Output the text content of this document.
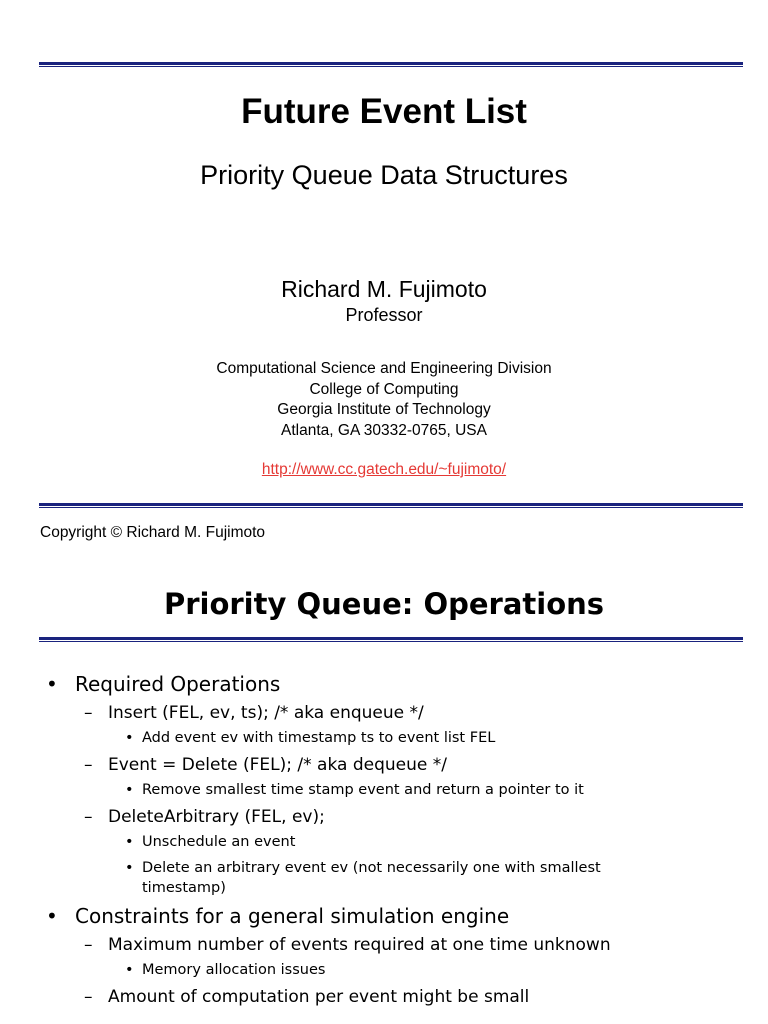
Future Event List
Priority Queue Data Structures
Richard M. Fujimoto
Professor
Computational Science and Engineering Division
College of Computing
Georgia Institute of Technology
Atlanta, GA 30332-0765, USA
http://www.cc.gatech.edu/~fujimoto/
Copyright © Richard M. Fujimoto
Priority Queue: Operations
• Required Operations
– Insert (FEL, ev, ts); /* aka enqueue */
• Add event ev with timestamp ts to event list FEL
– Event = Delete (FEL); /* aka dequeue */
• Remove smallest time stamp event and return a pointer to it
– DeleteArbitrary (FEL, ev);
• Unschedule an event
• Delete an arbitrary event ev (not necessarily one with smallest timestamp)
• Constraints for a general simulation engine
– Maximum number of events required at one time unknown
• Memory allocation issues
– Amount of computation per event might be small
